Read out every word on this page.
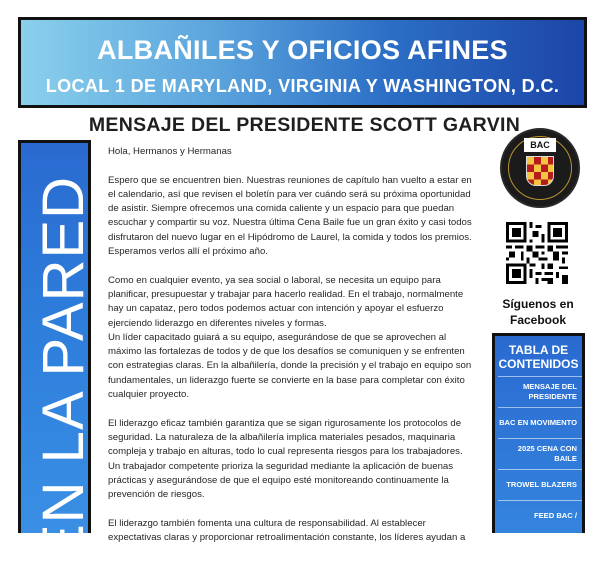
ALBAÑILES Y OFICIOS AFINES
LOCAL 1 DE MARYLAND, VIRGINIA Y WASHINGTON, D.C.
MENSAJE DEL PRESIDENTE SCOTT GARVIN
EN LA PARED

Hola, Hermanos y Hermanas

Espero que se encuentren bien. Nuestras reuniones de capítulo han vuelto a estar en el calendario, así que revisen el boletín para ver cuándo será su próxima oportunidad de asistir. Siempre ofrecemos una comida caliente y un espacio para que puedan escuchar y compartir su voz. Nuestra última Cena Baile fue un gran éxito y casi todos disfrutaron del nuevo lugar en el Hipódromo de Laurel, la comida y todos los premios. Esperamos verlos allí el próximo año.

Como en cualquier evento, ya sea social o laboral, se necesita un equipo para planificar, presupuestar y trabajar para hacerlo realidad. En el trabajo, normalmente hay un capataz, pero todos podemos actuar con intención y apoyar el esfuerzo ejerciendo liderazgo en diferentes niveles y formas.

Un líder capacitado guiará a su equipo, asegurándose de que se aprovechen al máximo las fortalezas de todos y de que los desafíos se comuniquen y se enfrenten con estrategias claras. En la albañilería, donde la precisión y el trabajo en equipo son fundamentales, un liderazgo fuerte se convierte en la base para completar con éxito cualquier proyecto.

El liderazgo eficaz también garantiza que se sigan rigurosamente los protocolos de seguridad. La naturaleza de la albañilería implica materiales pesados, maquinaria compleja y trabajo en alturas, todo lo cual representa riesgos para los trabajadores. Un trabajador competente prioriza la seguridad mediante la aplicación de buenas prácticas y asegurándose de que el equipo esté monitoreando continuamente la prevención de riesgos.

El liderazgo también fomenta una cultura de responsabilidad. Al establecer expectativas claras y proporcionar retroalimentación constante, los líderes ayudan a

BAC
Síguenos en Facebook
TABLA DE CONTENIDOS
MENSAJE DEL PRESIDENTE
BAC EN MOVIMENTO
2025 CENA CON BAILE
TROWEL BLAZERS
FEED BAC /
